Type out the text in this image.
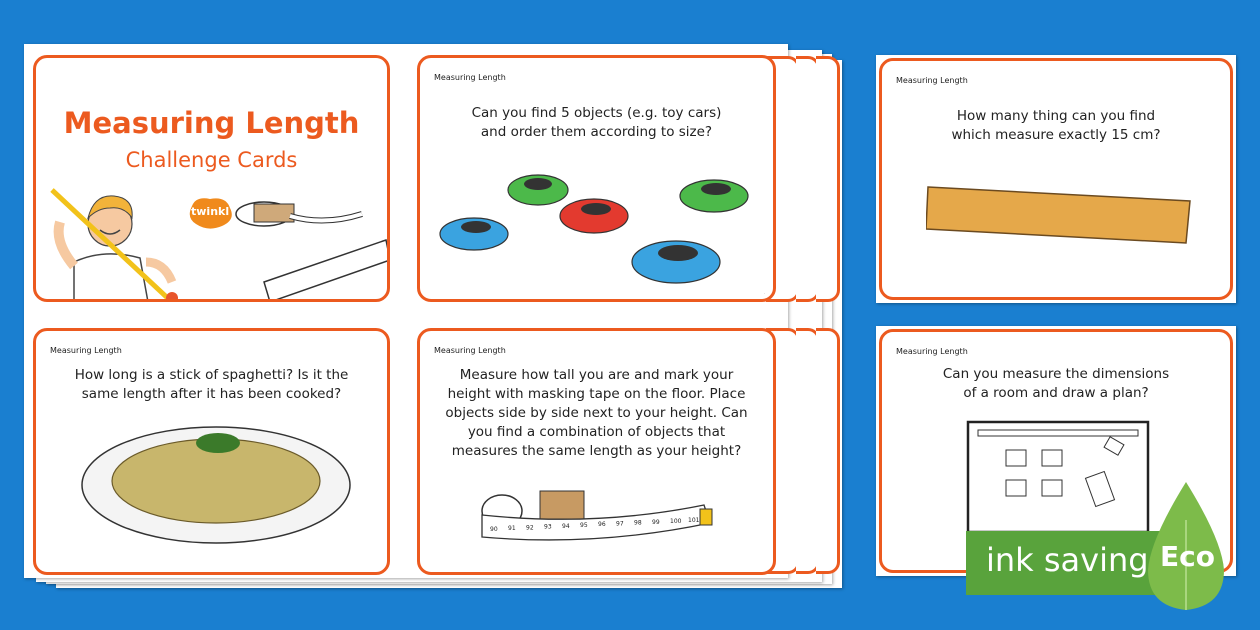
Measuring Length
Challenge Cards
twinkl
Measuring Length
Can you find 5 objects (e.g. toy cars) and order them according to size?
·
Measuring Length
How many thing can you find which measure exactly 15 cm?
Measuring Length
How long is a stick of spaghetti? Is it the same length after it has been cooked?
Measuring Length
Measure how tall you are and mark your height with masking tape on the floor. Place objects side by side next to your height. Can you find a combination of objects that measures the same length as your height?
90 91 92 93 94 95 96 97 98 99 100 101
Measuring Length
Can you measure the dimensions of a room and draw a plan?
ink saving Eco
